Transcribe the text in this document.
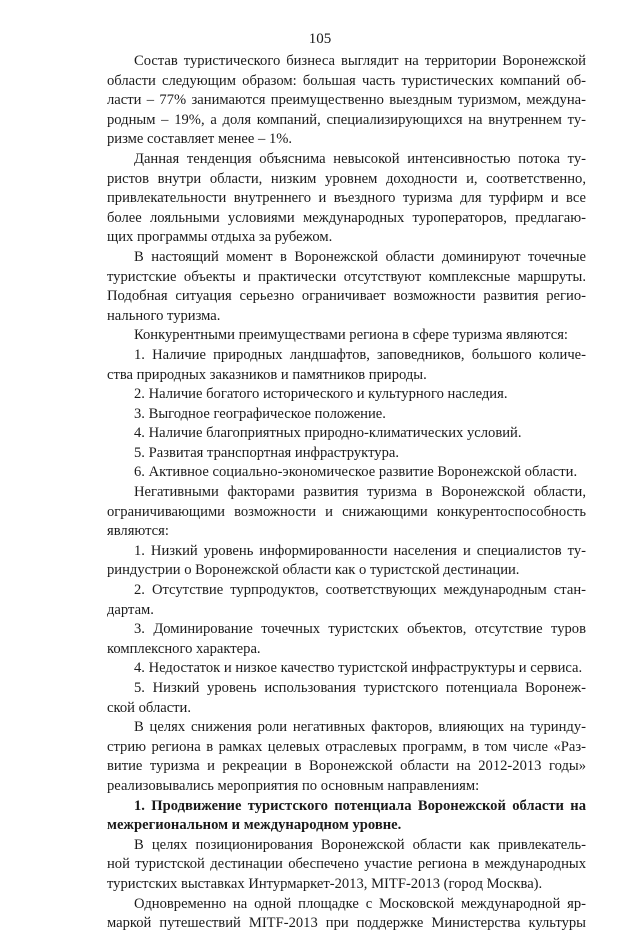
105
Состав туристического бизнеса выглядит на территории Воронежской
области следующим образом: большая часть туристических компаний об-
ласти – 77% занимаются преимущественно выездным туризмом, междуна-
родным – 19%, а доля компаний, специализирующихся на внутреннем ту-
ризме составляет менее – 1%.
Данная тенденция объяснима невысокой интенсивностью потока ту-
ристов внутри области, низким уровнем доходности и, соответственно,
привлекательности внутреннего и въездного туризма для турфирм и все
более лояльными условиями международных туроператоров, предлагаю-
щих программы отдыха за рубежом.
В настоящий момент в Воронежской области доминируют точечные
туристские объекты и практически отсутствуют комплексные маршруты.
Подобная ситуация серьезно ограничивает возможности развития регио-
нального туризма.
Конкурентными преимуществами региона в сфере туризма являются:
1. Наличие природных ландшафтов, заповедников, большого количе-
ства природных заказников и памятников природы.
2. Наличие богатого исторического и культурного наследия.
3. Выгодное географическое положение.
4. Наличие благоприятных природно-климатических условий.
5. Развитая транспортная инфраструктура.
6. Активное социально-экономическое развитие Воронежской области.
Негативными факторами развития туризма в Воронежской области,
ограничивающими возможности и снижающими конкурентоспособность
являются:
1. Низкий уровень информированности населения и специалистов ту-
риндустрии о Воронежской области как о туристской дестинации.
2. Отсутствие турпродуктов, соответствующих международным стан-
дартам.
3. Доминирование точечных туристских объектов, отсутствие туров
комплексного характера.
4. Недостаток и низкое качество туристской инфраструктуры и сервиса.
5. Низкий уровень использования туристского потенциала Воронеж-
ской области.
В целях снижения роли негативных факторов, влияющих на туринду-
стрию региона в рамках целевых отраслевых программ, в том числе «Раз-
витие туризма и рекреации в Воронежской области на 2012-2013 годы»
реализовывались мероприятия по основным направлениям:
1. Продвижение туристского потенциала Воронежской области на
межрегиональном и международном уровне.
В целях позиционирования Воронежской области как привлекатель-
ной туристской дестинации обеспечено участие региона в международных
туристских выставках Интурмаркет-2013, MITF-2013 (город Москва).
Одновременно на одной площадке с Московской международной яр-
маркой путешествий MITF-2013 при поддержке Министерства культуры
